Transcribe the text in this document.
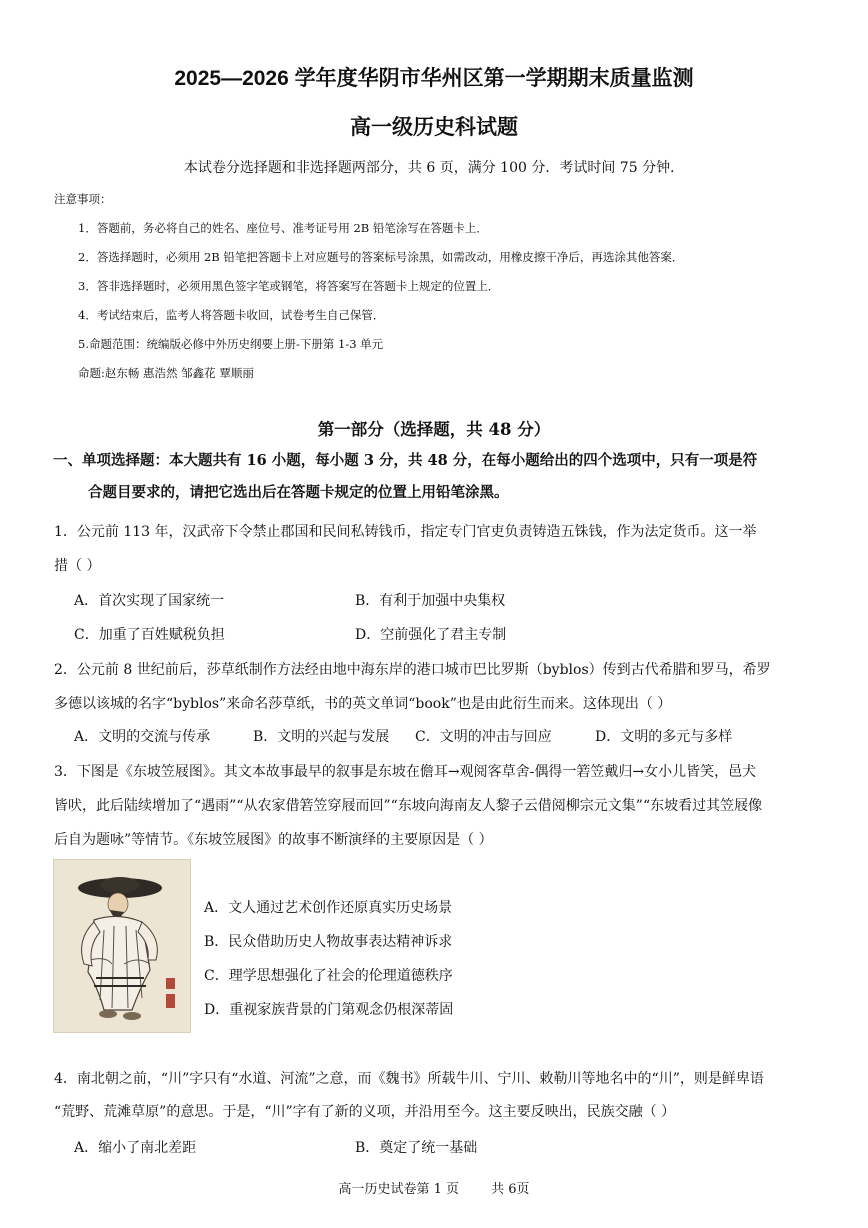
2025—2026 学年度华阴市华州区第一学期期末质量监测
高一级历史科试题
本试卷分选择题和非选择题两部分，共 6 页，满分 100 分．考试时间 75 分钟．
注意事项：
1．答题前，务必将自己的姓名、座位号、准考证号用 2B 铅笔涂写在答题卡上．
2．答选择题时，必须用 2B 铅笔把答题卡上对应题号的答案标号涂黑，如需改动，用橡皮擦干净后，再选涂其他答案．
3．答非选择题时，必须用黑色签字笔或钢笔，将答案写在答题卡上规定的位置上．
4．考试结束后，监考人将答题卡收回，试卷考生自己保管．
5.命题范围：统编版必修中外历史纲要上册-下册第 1-3 单元
命题:赵东畅 惠浩然 邹鑫花 覃顺丽
第一部分（选择题，共 48 分）
一、单项选择题：本大题共有 16 小题，每小题 3 分，共 48 分，在每小题给出的四个选项中，只有一项是符
合题目要求的，请把它选出后在答题卡规定的位置上用铅笔涂黑。
1．公元前 113 年，汉武帝下令禁止郡国和民间私铸钱币，指定专门官吏负责铸造五铢钱，作为法定货币。这一举
措（ ）
A．首次实现了国家统一	B．有利于加强中央集权
C．加重了百姓赋税负担	D．空前强化了君主专制
2．公元前 8 世纪前后，莎草纸制作方法经由地中海东岸的港口城市巴比罗斯（byblos）传到古代希腊和罗马，希罗
多德以该城的名字“byblos”来命名莎草纸，书的英文单词“book”也是由此衍生而来。这体现出（ ）
A．文明的交流与传承	B．文明的兴起与发展 C．文明的冲击与回应	D．文明的多元与多样
3．下图是《东坡笠屐图》。其文本故事最早的叙事是东坡在儋耳→观阅客草舍-偶得一箬笠戴归→女小儿皆笑，邑犬
皆吠，此后陆续增加了“遇雨”“从农家借箬笠穿屐而回”“东坡向海南友人黎子云借阅柳宗元文集”“东坡看过其笠屐像
后自为题咏”等情节。《东坡笠屐图》的故事不断演绎的主要原因是（ ）
A．文人通过艺术创作还原真实历史场景
B．民众借助历史人物故事表达精神诉求
C．理学思想强化了社会的伦理道德秩序
D．重视家族背景的门第观念仍根深蒂固
4．南北朝之前，“川”字只有“水道、河流”之意，而《魏书》所载牛川、宁川、敕勒川等地名中的“川”，则是鲜卑语
“荒野、荒滩草原”的意思。于是，“川”字有了新的义项，并沿用至今。这主要反映出，民族交融（ ）
A．缩小了南北差距	B．奠定了统一基础
高一历史试卷第 1 页 共 6页
